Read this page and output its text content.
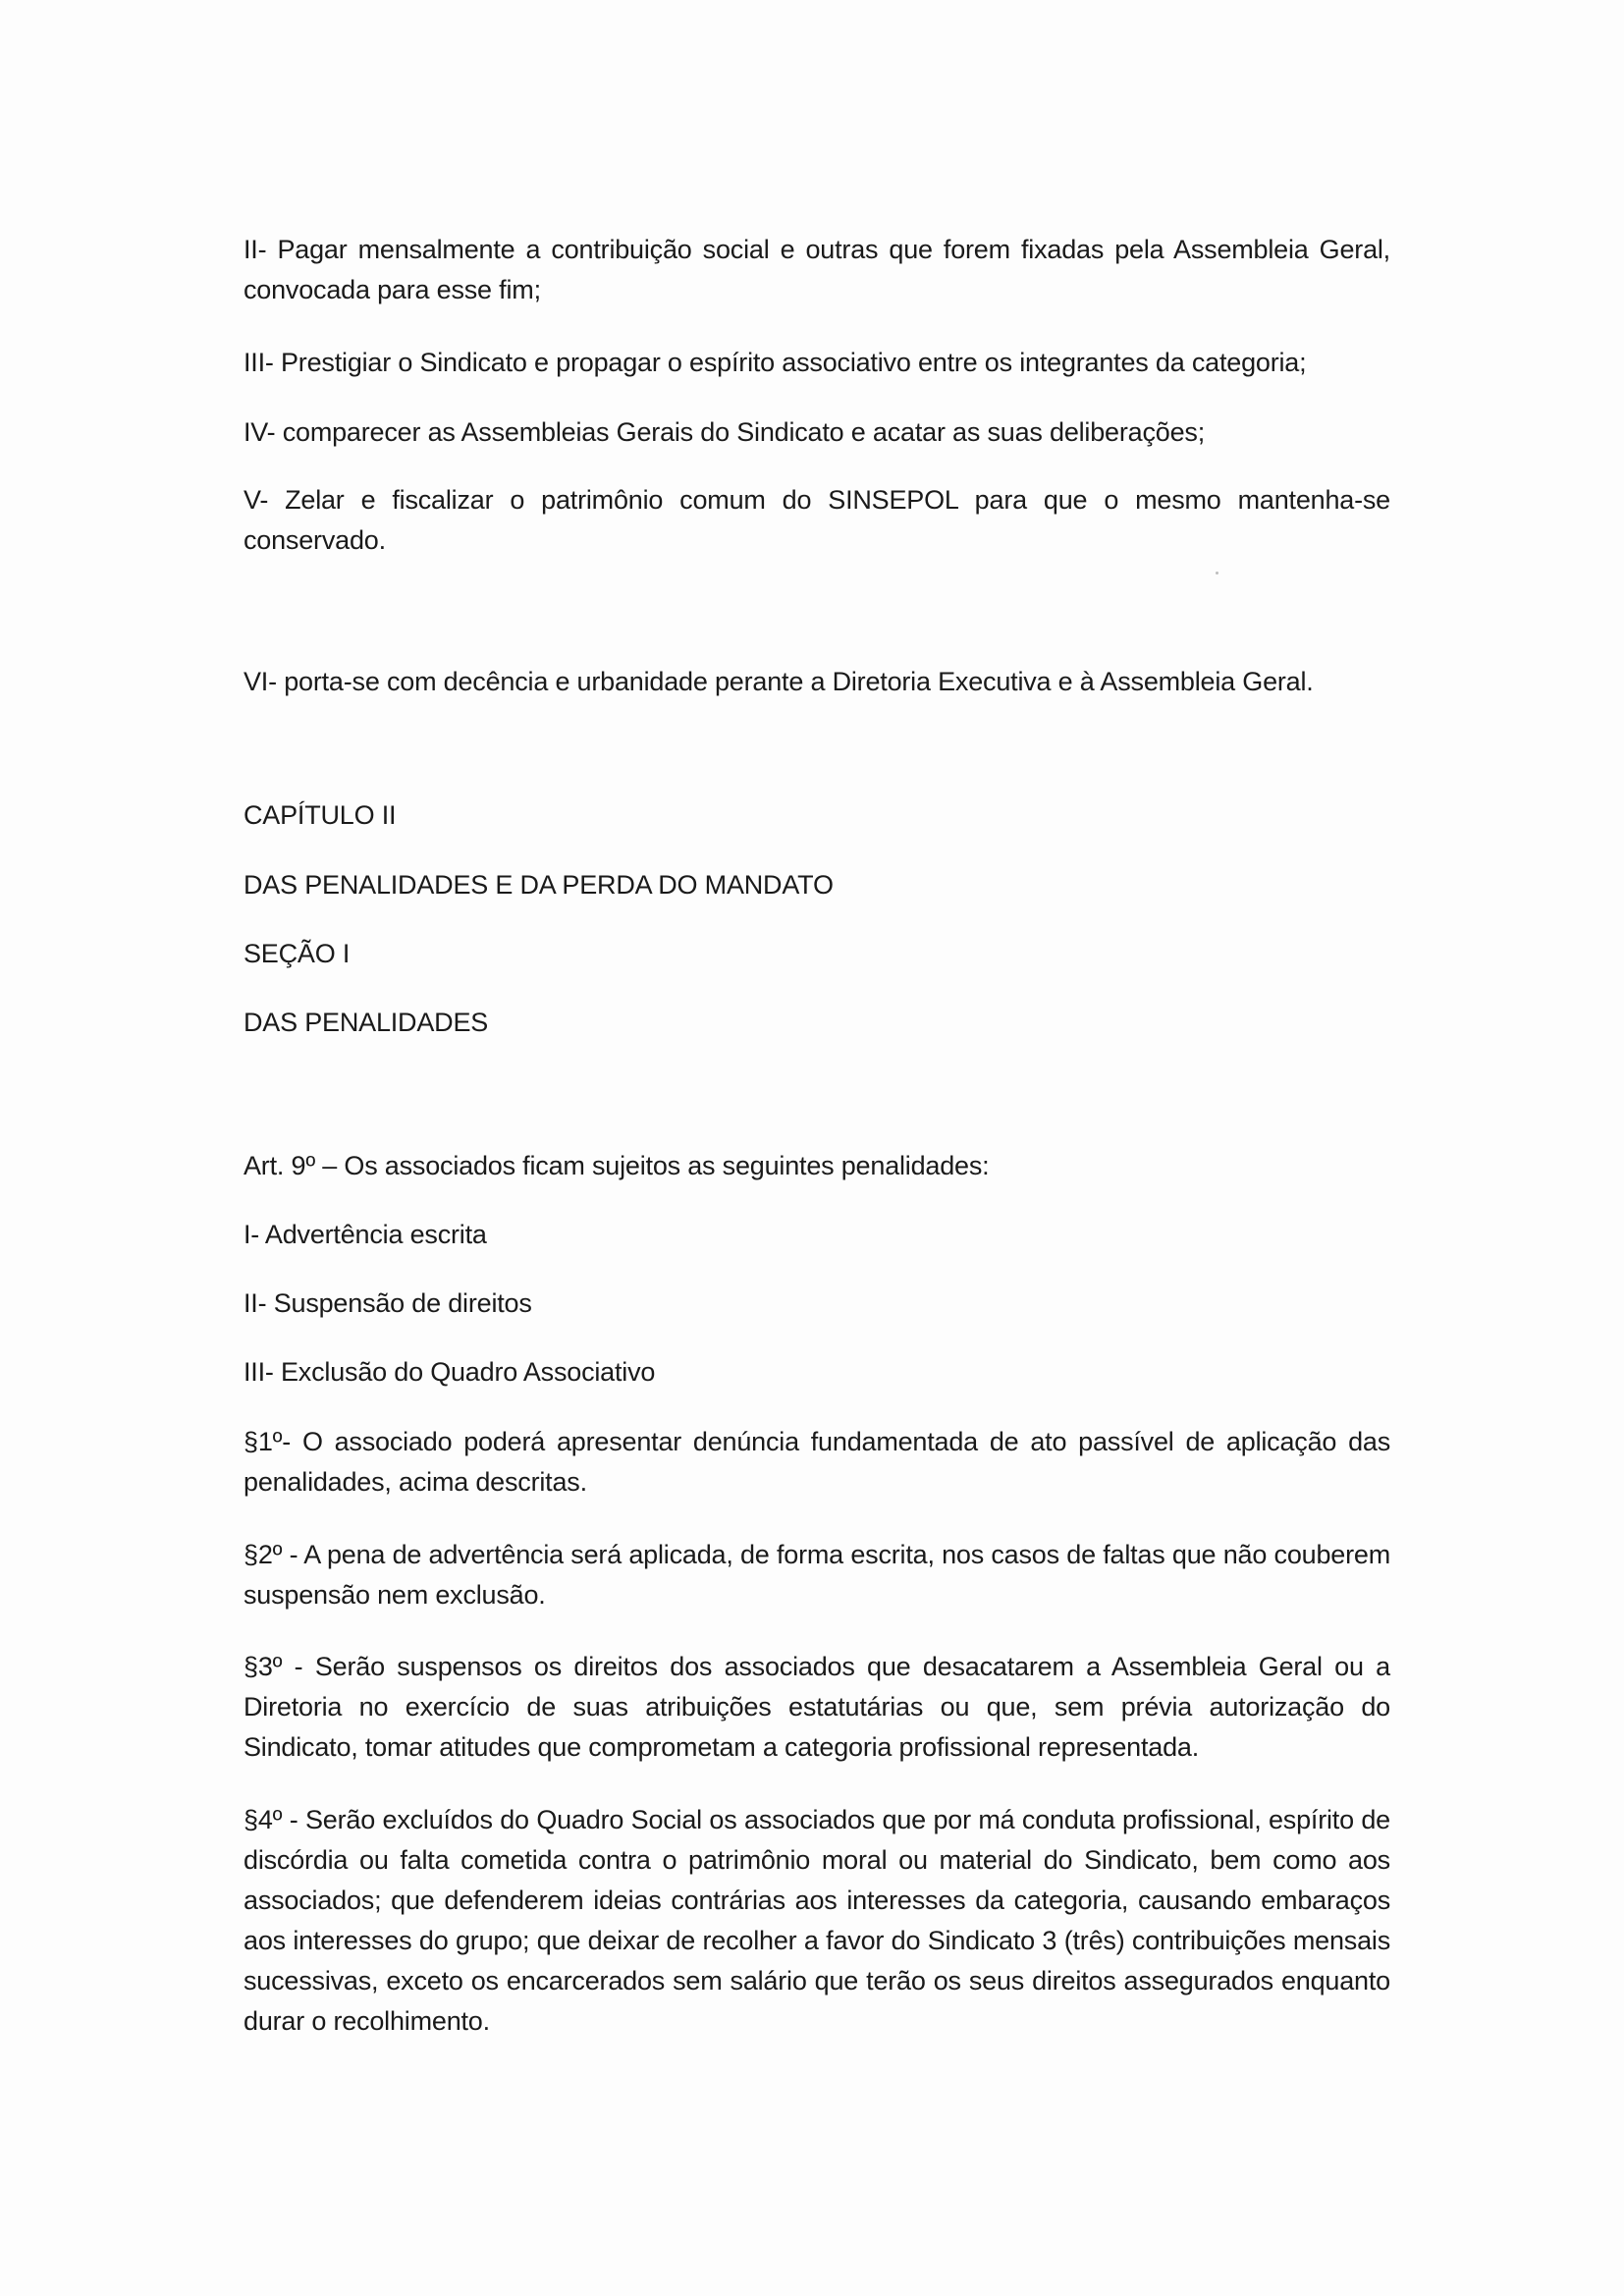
II- Pagar mensalmente a contribuição social e outras que forem fixadas pela Assembleia Geral, convocada para esse fim;

III- Prestigiar o Sindicato e propagar o espírito associativo entre os integrantes da categoria;

IV- comparecer as Assembleias Gerais do Sindicato e acatar as suas deliberações;

V- Zelar e fiscalizar o patrimônio comum do SINSEPOL para que o mesmo mantenha-se conservado.

VI- porta-se com decência e urbanidade perante a Diretoria Executiva e à Assembleia Geral.

CAPÍTULO II

DAS PENALIDADES E DA PERDA DO MANDATO

SEÇÃO I

DAS PENALIDADES

Art. 9º – Os associados ficam sujeitos as seguintes penalidades:

I- Advertência escrita

II- Suspensão de direitos

III- Exclusão do Quadro Associativo

§1º- O associado poderá apresentar denúncia fundamentada de ato passível de aplicação das penalidades, acima descritas.

§2º - A pena de advertência será aplicada, de forma escrita, nos casos de faltas que não couberem suspensão nem exclusão.

§3º - Serão suspensos os direitos dos associados que desacatarem a Assembleia Geral ou a Diretoria no exercício de suas atribuições estatutárias ou que, sem prévia autorização do Sindicato, tomar atitudes que comprometam a categoria profissional representada.

§4º - Serão excluídos do Quadro Social os associados que por má conduta profissional, espírito de discórdia ou falta cometida contra o patrimônio moral ou material do Sindicato, bem como aos associados; que defenderem ideias contrárias aos interesses da categoria, causando embaraços aos interesses do grupo; que deixar de recolher a favor do Sindicato 3 (três) contribuições mensais sucessivas, exceto os encarcerados sem salário que terão os seus direitos assegurados enquanto durar o recolhimento.
